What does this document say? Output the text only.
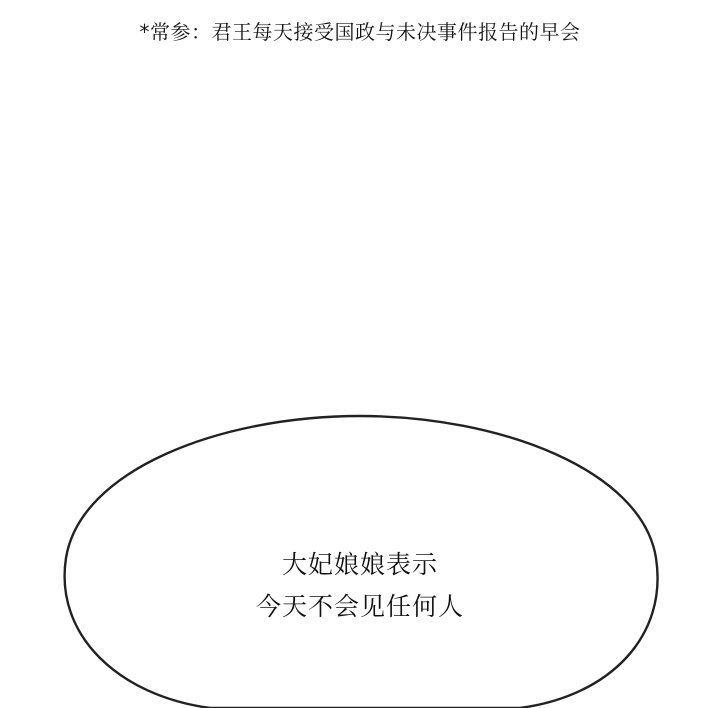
*常参：君王每天接受国政与未决事件报告的早会
大妃娘娘表示
今天不会见任何人
